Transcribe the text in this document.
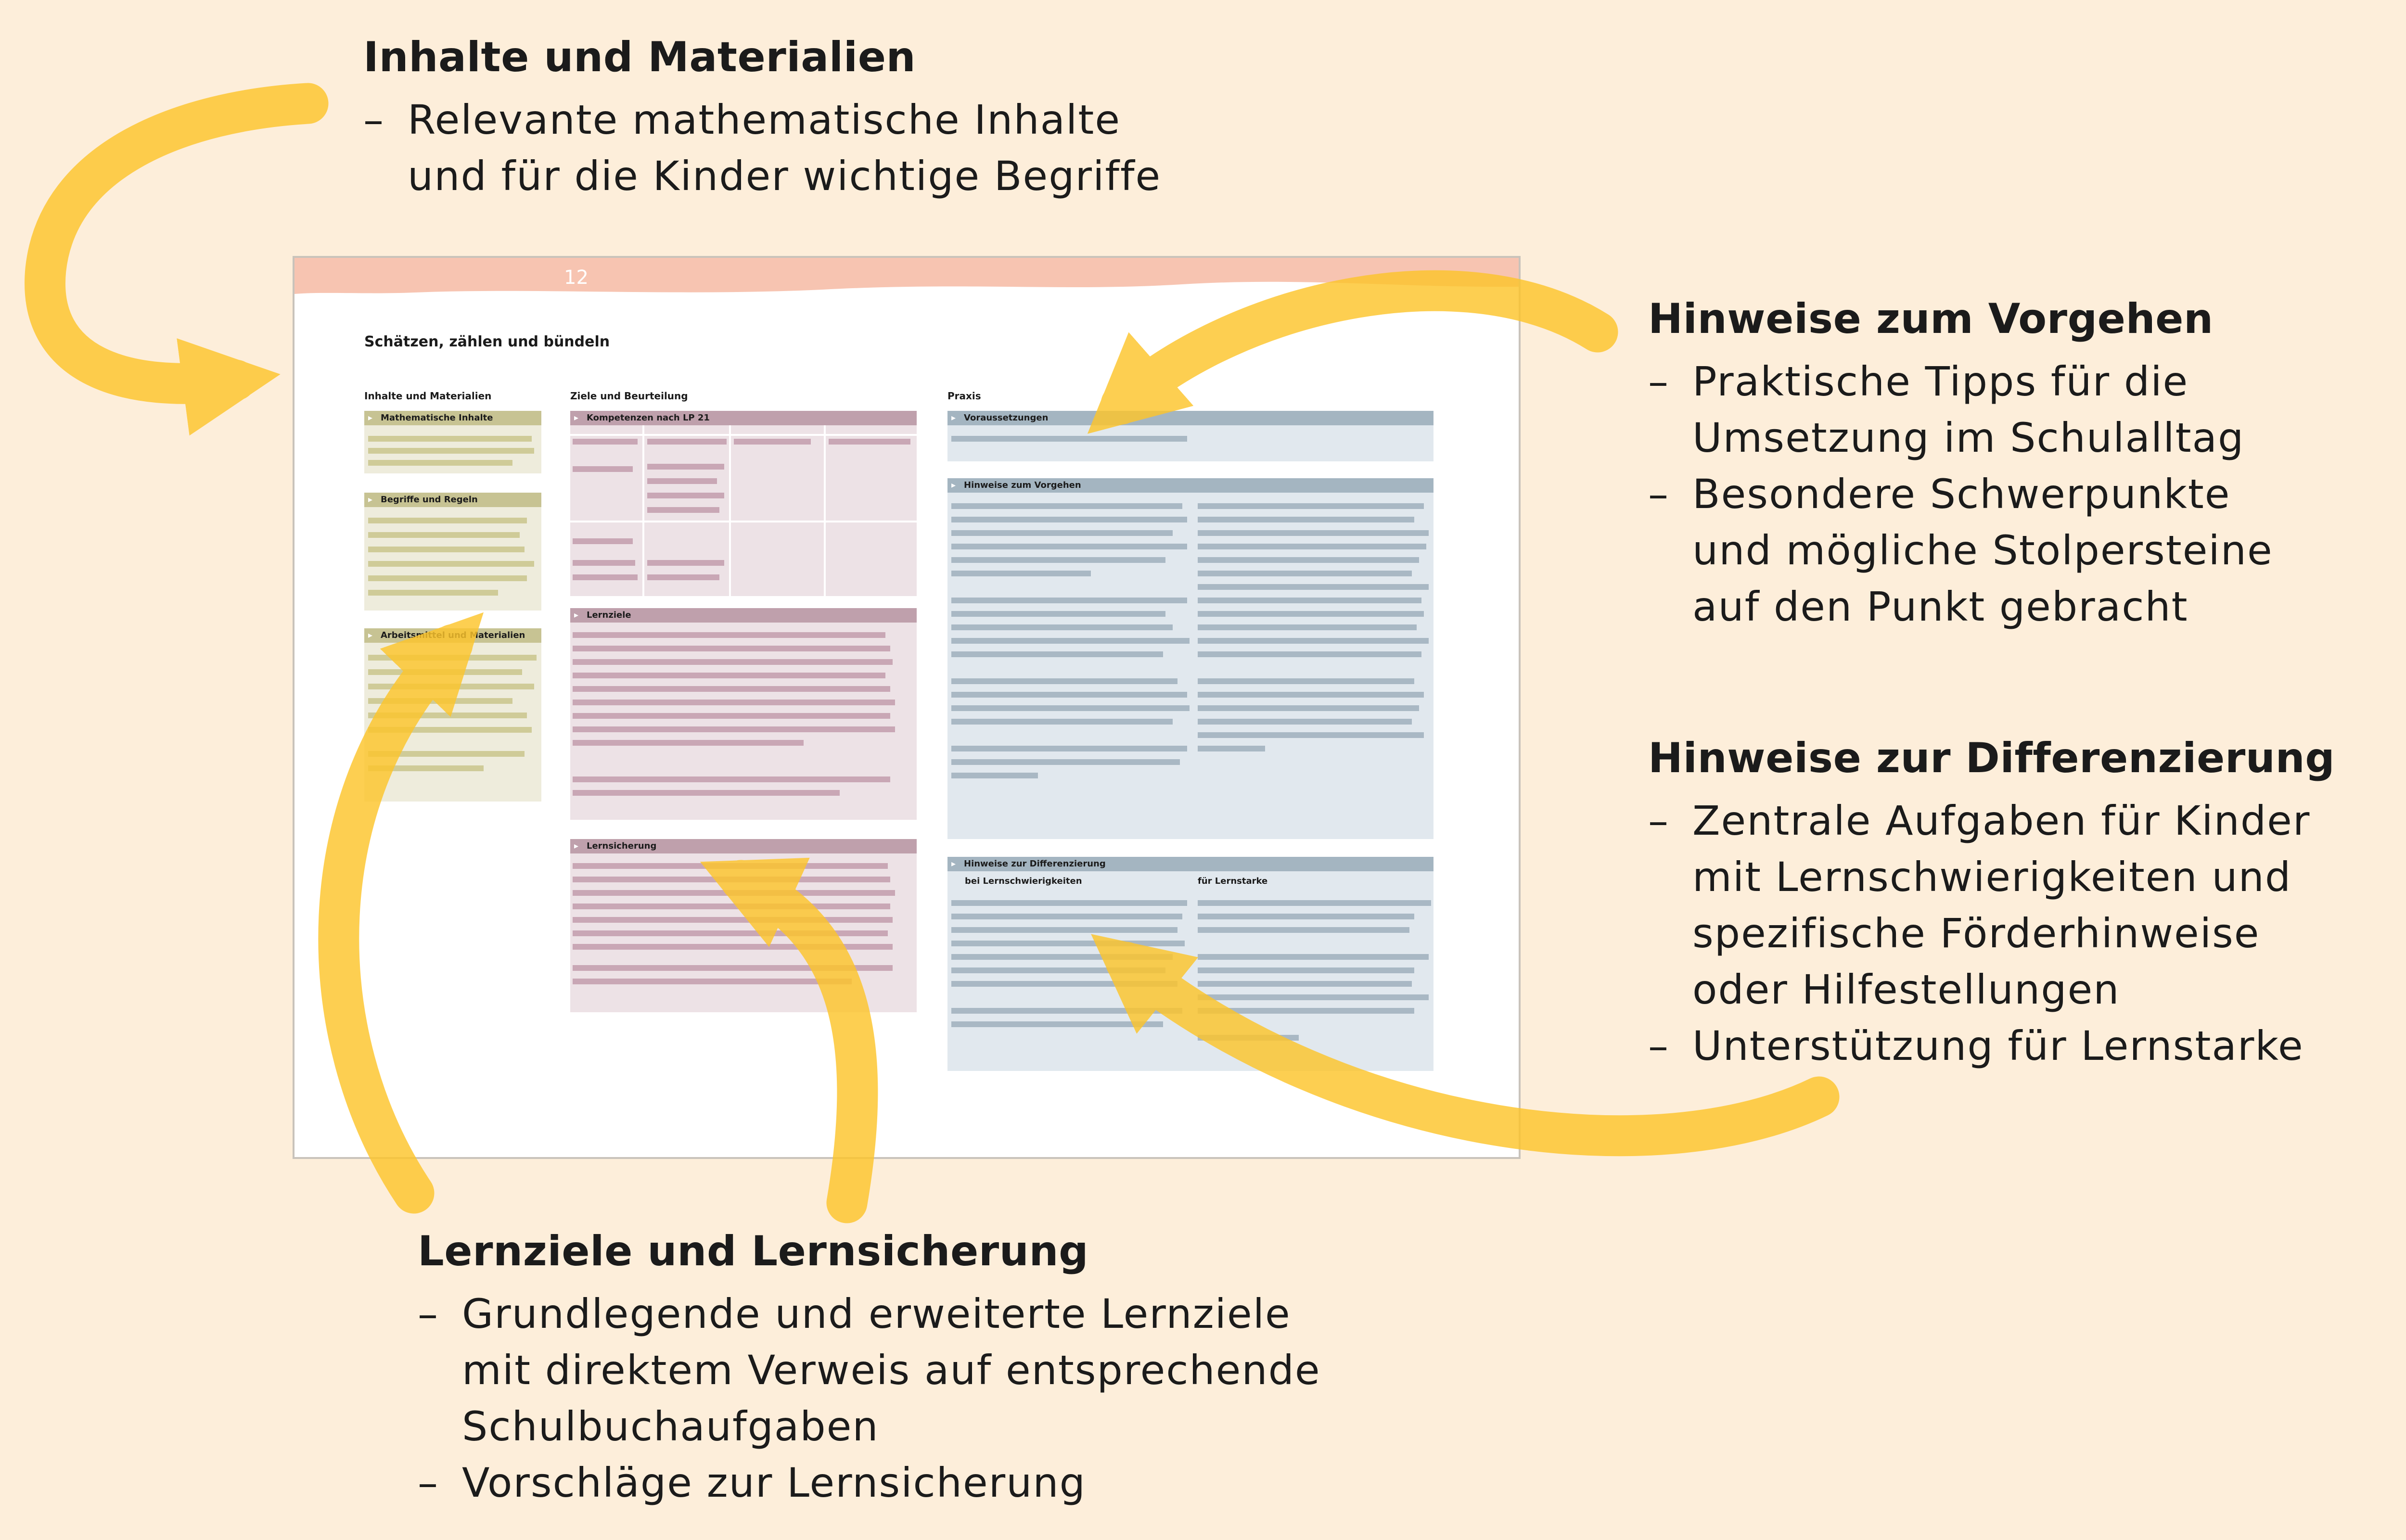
Inhalte und Materialien
– Relevante mathematische Inhalte
und für die Kinder wichtige Begriffe
Hinweise zum Vorgehen
– Praktische Tipps für die
Umsetzung im Schulalltag
– Besondere Schwerpunkte
und mögliche Stolpersteine
auf den Punkt gebracht
Hinweise zur Differenzierung
– Zentrale Aufgaben für Kinder
mit Lernschwierigkeiten und
spezifische Förderhinweise
oder Hilfestellungen
– Unterstützung für Lernstarke
Lernziele und Lernsicherung
– Grundlegende und erweiterte Lernziele
mit direktem Verweis auf entsprechende
Schulbuchaufgaben
– Vorschläge zur Lernsicherung
12
Schätzen, zählen und bündeln
Inhalte und Materialien	Ziele und Beurteilung	Praxis
▸ Mathematische Inhalte
▸ Begriffe und Regeln
▸ Arbeitsmittel und Materialien
▸ Kompetenzen nach LP 21
▸ Lernziele
▸ Lernsicherung
▸ Voraussetzungen
▸ Hinweise zum Vorgehen
▸ Hinweise zur Differenzierung
bei Lernschwierigkeiten	für Lernstarke
